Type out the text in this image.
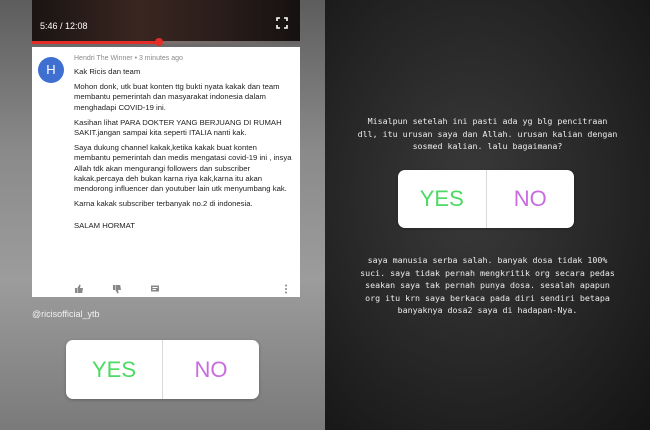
5:46 / 12:08
H
Hendri The Winner • 3 minutes ago

Kak Ricis dan team

Mohon donk, utk buat konten ttg bukti nyata kakak dan team membantu pemerintah dan masyarakat indonesia dalam menghadapi COVID-19 ini.

Kasihan lihat PARA DOKTER YANG BERJUANG DI RUMAH SAKIT.jangan sampai kita seperti ITALIA nanti kak.

Saya dukung channel kakak,ketika kakak buat konten membantu pemerintah dan medis mengatasi covid-19 ini , insya Allah tdk akan mengurangi followers dan subscriber kakak.percaya deh bukan karna riya kak,karna itu akan mendorong influencer dan youtuber lain utk menyumbang kak.

Karna kakak subscriber terbanyak no.2 di indonesia.

SALAM HORMAT

@ricisofficial_ytb
YES	NO
Misalpun setelah ini pasti ada yg blg pencitraan
dll, itu urusan saya dan Allah. urusan kalian dengan
sosmed kalian. lalu bagaimana?
YES	NO
saya manusia serba salah. banyak dosa tidak 100%
suci. saya tidak pernah mengkritik org secara pedas
seakan saya tak pernah punya dosa. sesalah apapun
org itu krn saya berkaca pada diri sendiri betapa
banyaknya dosa2 saya di hadapan-Nya.
